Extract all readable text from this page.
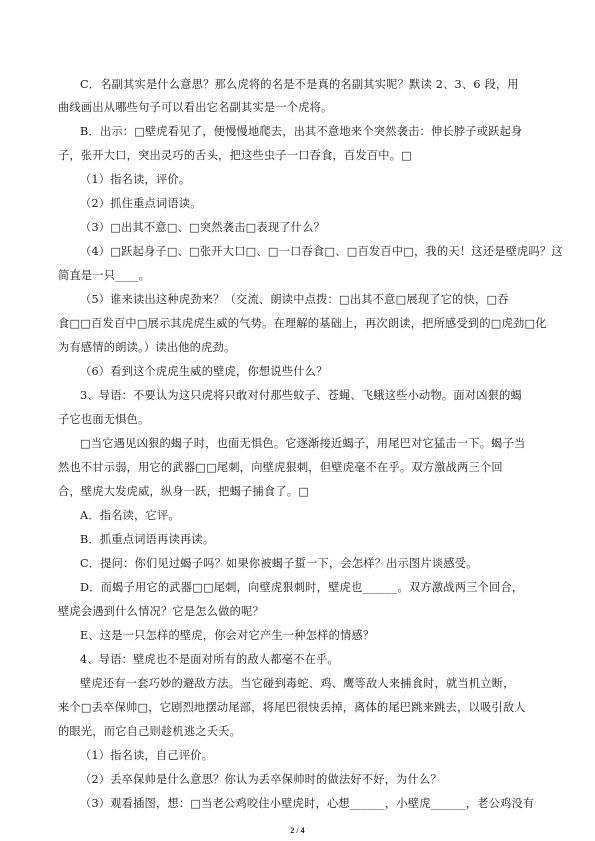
C．名副其实是什么意思？那么虎将的名是不是真的名副其实呢？默读 2、3、6 段，用
曲线画出从哪些句子可以看出它名副其实是一个虎将。
B．出示：□壁虎看见了，便慢慢地爬去，出其不意地来个突然袭击：伸长脖子或跃起身
子，张开大口，突出灵巧的舌头，把这些虫子一口吞食，百发百中。□
（1）指名读，评价。
（2）抓住重点词语读。
（3）□出其不意□、□突然袭击□表现了什么？
（4）□跃起身子□、□张开大口□、□一口吞食□、□百发百中□，我的天！这还是壁虎吗？这
简直是一只____。
（5）谁来读出这种虎劲来？（交流、朗读中点拨：□出其不意□展现了它的快，□吞
食□□百发百中□展示其虎虎生威的气势。在理解的基础上，再次朗读，把所感受到的□虎劲□化
为有感情的朗读。）读出他的虎劲。
（6）看到这个虎虎生威的壁虎，你想说些什么？
3、导语：不要认为这只虎将只敢对付那些蚊子、苍蝇、飞蛾这些小动物。面对凶狠的蝎
子它也面无惧色。
□当它遇见凶狠的蝎子时，也面无惧色。它逐渐接近蝎子，用尾巴对它猛击一下。蝎子当
然也不甘示弱，用它的武器□□尾刺，向壁虎狠刺，但壁虎毫不在乎。双方激战两三个回
合，壁虎大发虎威，纵身一跃，把蝎子捕食了。□
A．指名读，它评。
B．抓重点词语再读再读。
C．提问：你们见过蝎子吗？如果你被蝎子蜇一下，会怎样？出示图片谈感受。
D．而蝎子用它的武器□□尾刺，向壁虎狠刺时，壁虎也______。双方激战两三个回合，
壁虎会遇到什么情况？它是怎么做的呢？
E、这是一只怎样的壁虎，你会对它产生一种怎样的情感？
4、导语：壁虎也不是面对所有的敌人都毫不在乎。
壁虎还有一套巧妙的避敌方法。当它碰到毒蛇、鸡、鹰等敌人来捕食时，就当机立断，
来个□丢卒保帅□，它剧烈地摆动尾部，将尾巴很快丢掉，离体的尾巴跳来跳去，以吸引敌人
的眼光，而它自己则趁机逃之夭夭。
（1）指名读，自己评价。
（2）丢卒保帅是什么意思？你认为丢卒保帅时的做法好不好，为什么？
（3）观看插图，想：□当老公鸡咬住小壁虎时，心想______，小壁虎______，老公鸡没有
2 / 4
